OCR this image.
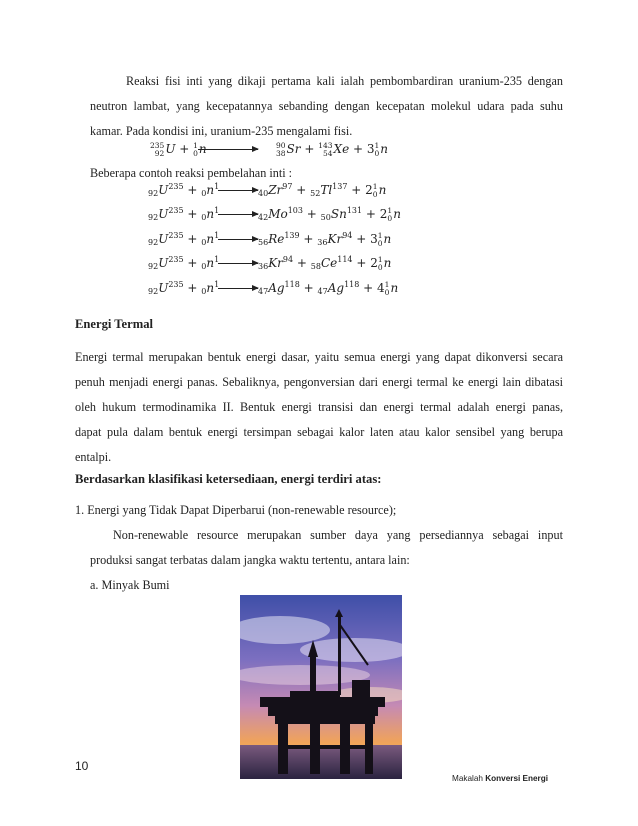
Reaksi fisi inti yang dikaji pertama kali ialah pembombardiran uranium-235 dengan
neutron lambat, yang kecepatannya sebanding dengan kecepatan molekul udara pada suhu
kamar. Pada kondisi ini, uranium-235 mengalami fisi.
235
92U + 1
0n	90
38Sr + 143
54Xe + 31
0n
Beberapa contoh reaksi pembelahan inti :
$92U^{235} + 0n^1$
$40Zr^{97} + 52Tl^{137} + 21$
0n
$92U^{235} + 0n^1$
$42Mo^{103} + 50Sn^{131} + 21$
0n
$92U^{235} + 0n^1$
$56Re^{139} + 36Kr^{94} + 31$
0n
$92U^{235} + 0n^1$
$36Kr^{94} + 58Ce^{114} + 21$
0n
$92U^{235} + 0n^1$
$47Ag^{118} + 47Ag^{118} + 41$
0n
Energi Termal
Energi termal merupakan bentuk energi dasar, yaitu semua energi yang dapat dikonversi secara
penuh menjadi energi panas. Sebaliknya, pengonversian dari energi termal ke energi lain dibatasi
oleh hukum termodinamika II. Bentuk energi transisi dan energi termal adalah energi panas,
dapat pula dalam bentuk energi tersimpan sebagai kalor laten atau kalor sensibel yang berupa
entalpi.
Berdasarkan klasifikasi ketersediaan, energi terdiri atas:
1. Energi yang Tidak Dapat Diperbarui (non-renewable resource);
Non-renewable resource merupakan sumber daya yang persediannya sebagai input
produksi sangat terbatas dalam jangka waktu tertentu, antara lain:
a. Minyak Bumi
10
Makalah Konversi Energi
